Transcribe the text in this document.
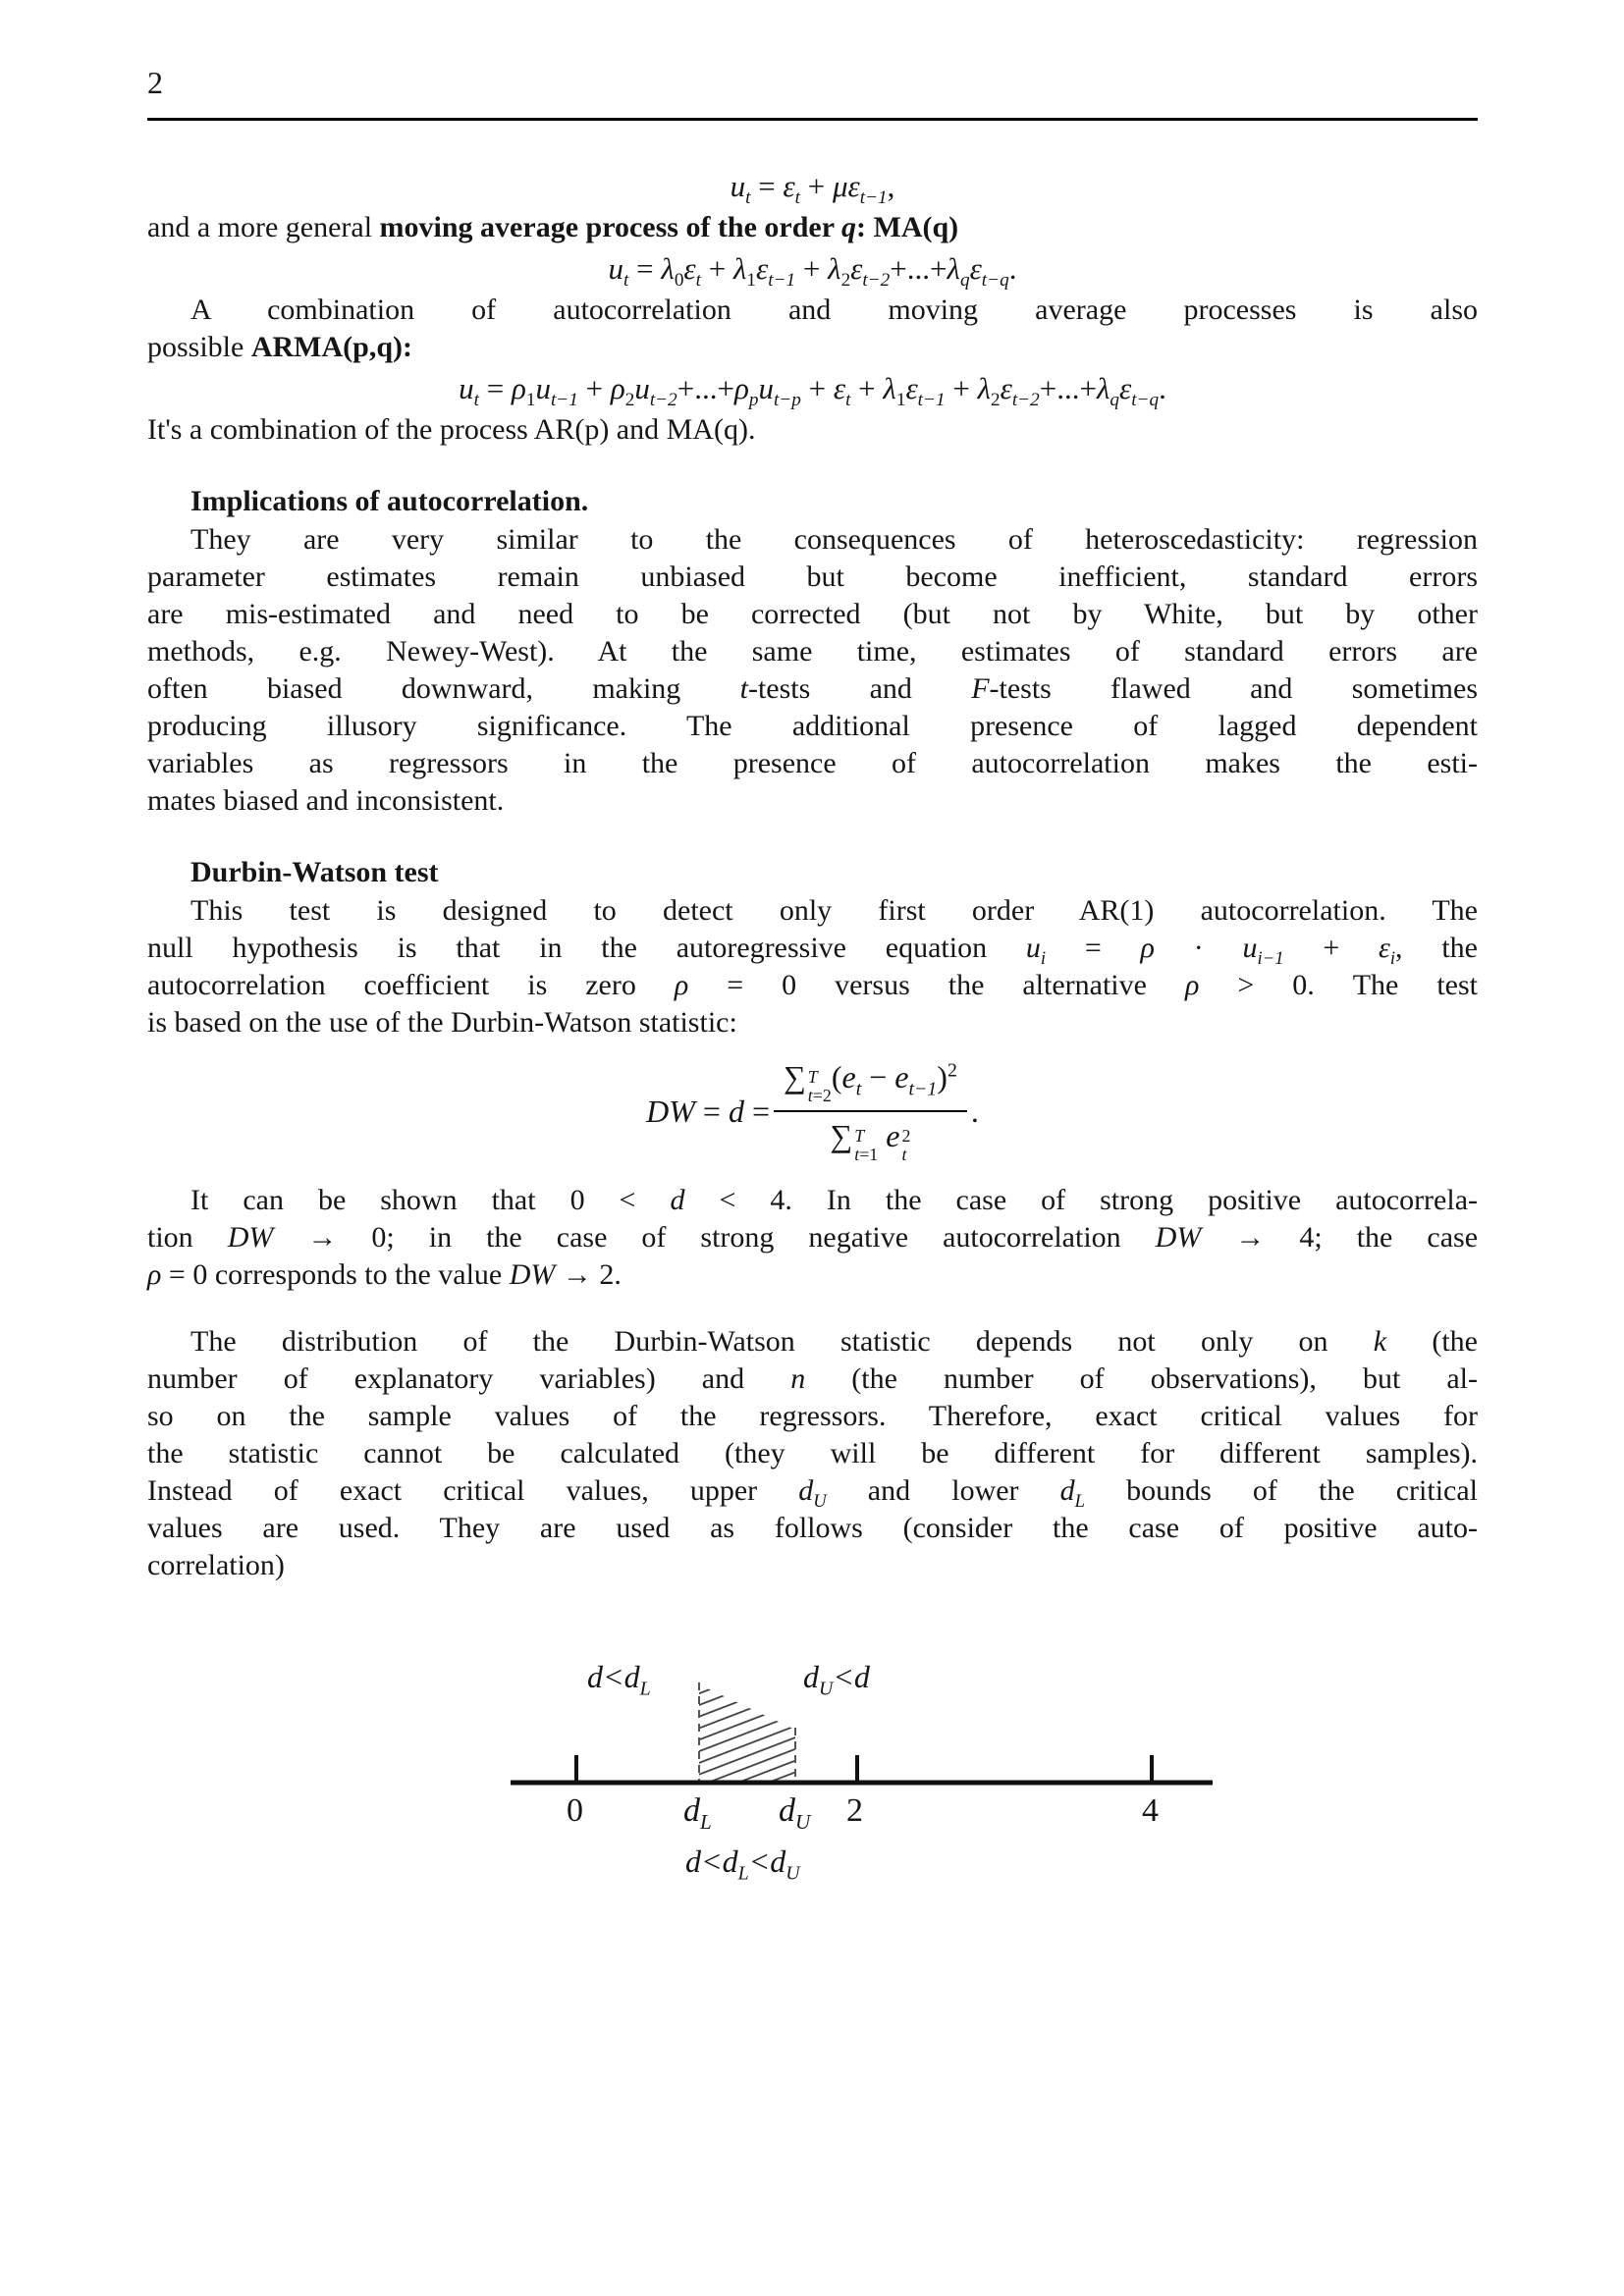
2
$u_t = \varepsilon_t + \mu\varepsilon_{t-1}$,
and a more general moving average process of the order q: MA(q)
$u_t = \lambda_0\varepsilon_t + \lambda_1\varepsilon_{t-1} + \lambda_2\varepsilon_{t-2}+...+\lambda_q\varepsilon_{t-q}$.
A combination of autocorrelation and moving average processes is also
possible ARMA(p,q):
$u_t = \rho_1u_{t-1} + \rho_2u_{t-2}+...+\rho_pu_{t-p} + \varepsilon_t + \lambda_1\varepsilon_{t-1} + \lambda_2\varepsilon_{t-2}+...+\lambda_q\varepsilon_{t-q}$.
It's a combination of the process AR(p) and MA(q).
Implications of autocorrelation.
They are very similar to the consequences of heteroscedasticity: regression
parameter estimates remain unbiased but become inefficient, standard errors
are mis-estimated and need to be corrected (but not by White, but by other
methods, e.g. Newey-West). At the same time, estimates of standard errors are
often biased downward, making t-tests and F-tests flawed and sometimes
producing illusory significance. The additional presence of lagged dependent
variables as regressors in the presence of autocorrelation makes the esti-
mates biased and inconsistent.
Durbin-Watson test
This test is designed to detect only first order AR(1) autocorrelation. The
null hypothesis is that in the autoregressive equation $u_i = \rho \cdot u_{i-1} + \varepsilon_i$, the
autocorrelation coefficient is zero ρ = 0 versus the alternative ρ > 0. The test
is based on the use of the Durbin-Watson statistic:
DW = d = ∑ T
t=2
$(e_t - e_{t-1})^2$
∑ T
t=1
e 2
t .
It can be shown that 0 < d < 4. In the case of strong positive autocorrela-
tion DW → 0; in the case of strong negative autocorrelation DW → 4; the case
ρ = 0 corresponds to the value DW → 2.
The distribution of the Durbin-Watson statistic depends not only on k (the
number of explanatory variables) and n (the number of observations), but al-
so on the sample values of the regressors. Therefore, exact critical values for
the statistic cannot be calculated (they will be different for different samples).
Instead of exact critical values, upper $d_U$ and lower $d_L$ bounds of the critical
values are used. They are used as follows (consider the case of positive auto-
correlation)
$d<d_L$	$d_U<d$
0	$d_L$ $d_U$ 2	4
$d<d_L<d_U$
